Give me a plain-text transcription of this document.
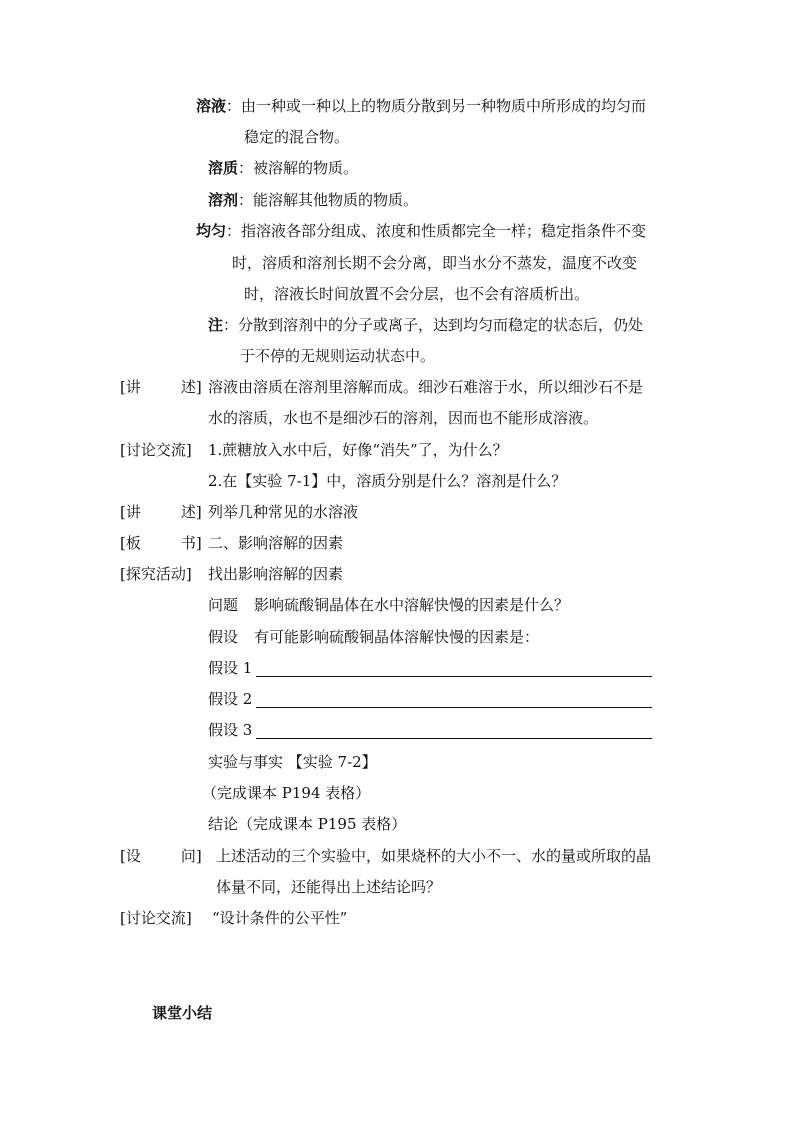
溶液：由一种或一种以上的物质分散到另一种物质中所形成的均匀而
稳定的混合物。
溶质：被溶解的物质。
溶剂：能溶解其他物质的物质。
均匀：指溶液各部分组成、浓度和性质都完全一样；稳定指条件不变
时，溶质和溶剂长期不会分离，即当水分不蒸发，温度不改变
时，溶液长时间放置不会分层，也不会有溶质析出。
注：分散到溶剂中的分子或离子，达到均匀而稳定的状态后，仍处
于不停的无规则运动状态中。
[ 讲	述 ] 溶液由溶质在溶剂里溶解而成。细沙石难溶于水，所以细沙石不是
水的溶质，水也不是细沙石的溶剂，因而也不能形成溶液。
[讨论交流] 1.蔗糖放入水中后，好像“消失”了，为什么？
2.在【实验 7-1】中，溶质分别是什么？溶剂是什么？
[ 讲	述 ] 列举几种常见的水溶液
[ 板	书 ] 二、影响溶解的因素
[探究活动] 找出影响溶解的因素
问题 影响硫酸铜晶体在水中溶解快慢的因素是什么？
假设 有可能影响硫酸铜晶体溶解快慢的因素是：
假设 1
假设 2
假设 3
实验与事实 【实验 7-2】
（完成课本 P194 表格）
结论（完成课本 P195 表格）
[ 设	问 ] 上述活动的三个实验中，如果烧杯的大小不一、水的量或所取的晶
体量不同，还能得出上述结论吗？
[讨论交流] “设计条件的公平性”
课堂小结
